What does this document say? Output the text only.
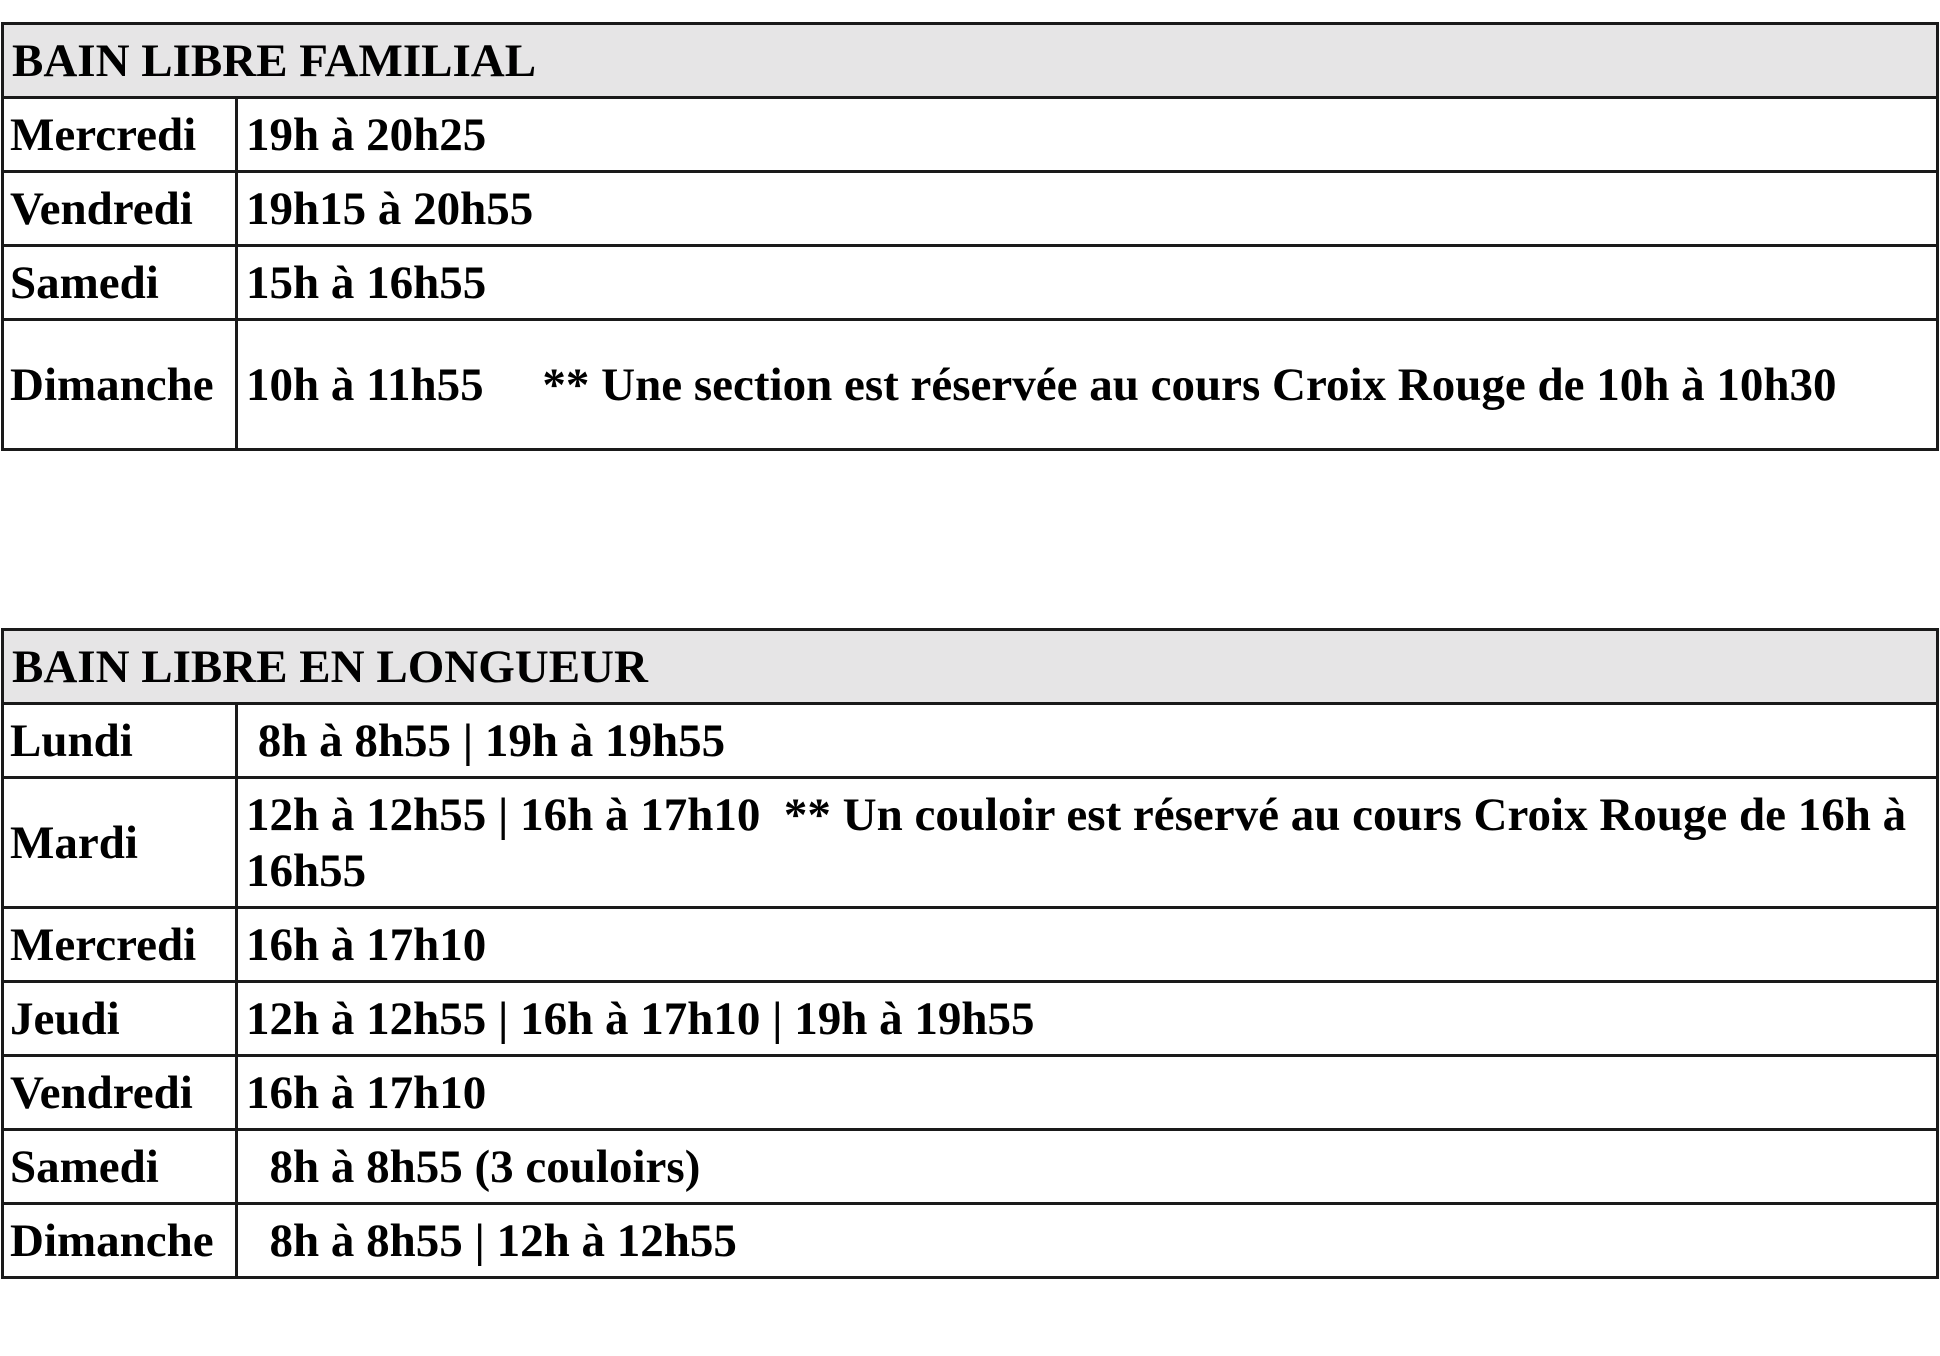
BAIN LIBRE FAMILIAL	
Mercredi	19h à 20h25
Vendredi	19h15 à 20h55
Samedi	15h à 16h55
Dimanche	10h à 11h55     ** Une section est réservée au cours Croix Rouge de 10h à 10h30
BAIN LIBRE EN LONGUEUR	
Lundi	8h à 8h55 | 19h à 19h55
Mardi	12h à 12h55 | 16h à 17h10  ** Un couloir est réservé au cours Croix Rouge de 16h à 16h55
Mercredi	16h à 17h10
Jeudi	12h à 12h55 | 16h à 17h10 | 19h à 19h55
Vendredi	16h à 17h10
Samedi	8h à 8h55 (3 couloirs)
Dimanche	8h à 8h55 | 12h à 12h55
